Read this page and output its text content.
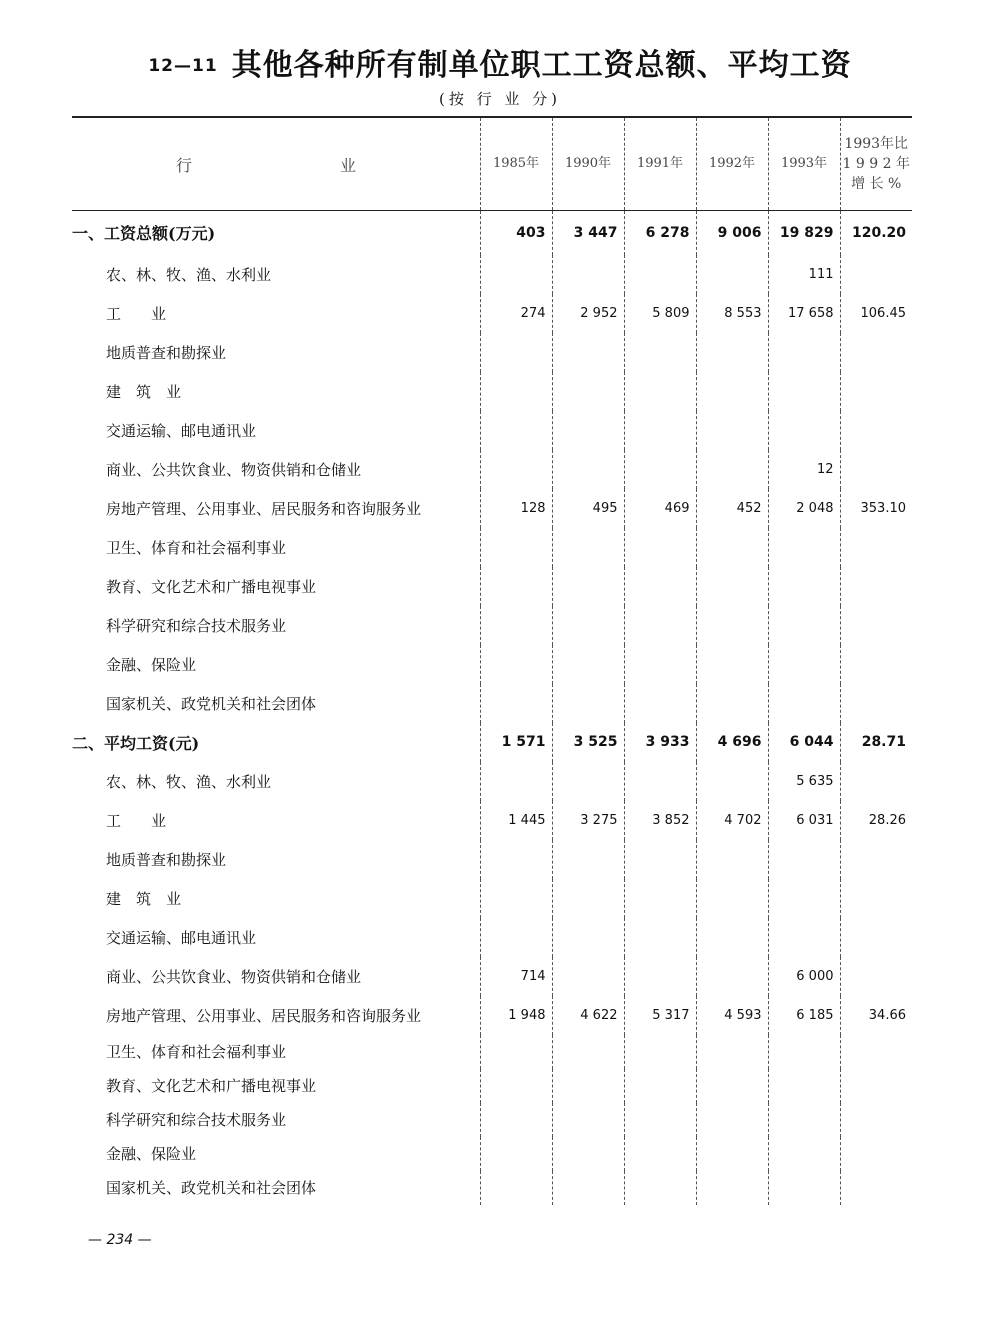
12—11 其他各种所有制单位职工工资总额、平均工资
(按 行 业 分)
行 业	1985年	1990年	1991年	1992年	1993年	1993年比
1 9 9 2 年
增 长 %
一、工资总额(万元)	403	3 447	6 278	9 006	19 829	120.20
农、林、牧、渔、水利业					111	
工　　业	274	2 952	5 809	8 553	17 658	106.45
地质普查和勘探业						
建　筑　业						
交通运输、邮电通讯业						
商业、公共饮食业、物资供销和仓储业					12	
房地产管理、公用事业、居民服务和咨询服务业	128	495	469	452	2 048	353.10
卫生、体育和社会福利事业						
教育、文化艺术和广播电视事业						
科学研究和综合技术服务业						
金融、保险业						
国家机关、政党机关和社会团体						
二、平均工资(元)	1 571	3 525	3 933	4 696	6 044	28.71
农、林、牧、渔、水利业					5 635	
工　　业	1 445	3 275	3 852	4 702	6 031	28.26
地质普查和勘探业						
建　筑　业						
交通运输、邮电通讯业						
商业、公共饮食业、物资供销和仓储业	714				6 000	
房地产管理、公用事业、居民服务和咨询服务业	1 948	4 622	5 317	4 593	6 185	34.66
卫生、体育和社会福利事业						
教育、文化艺术和广播电视事业						
科学研究和综合技术服务业						
金融、保险业						
国家机关、政党机关和社会团体						
— 234 —
